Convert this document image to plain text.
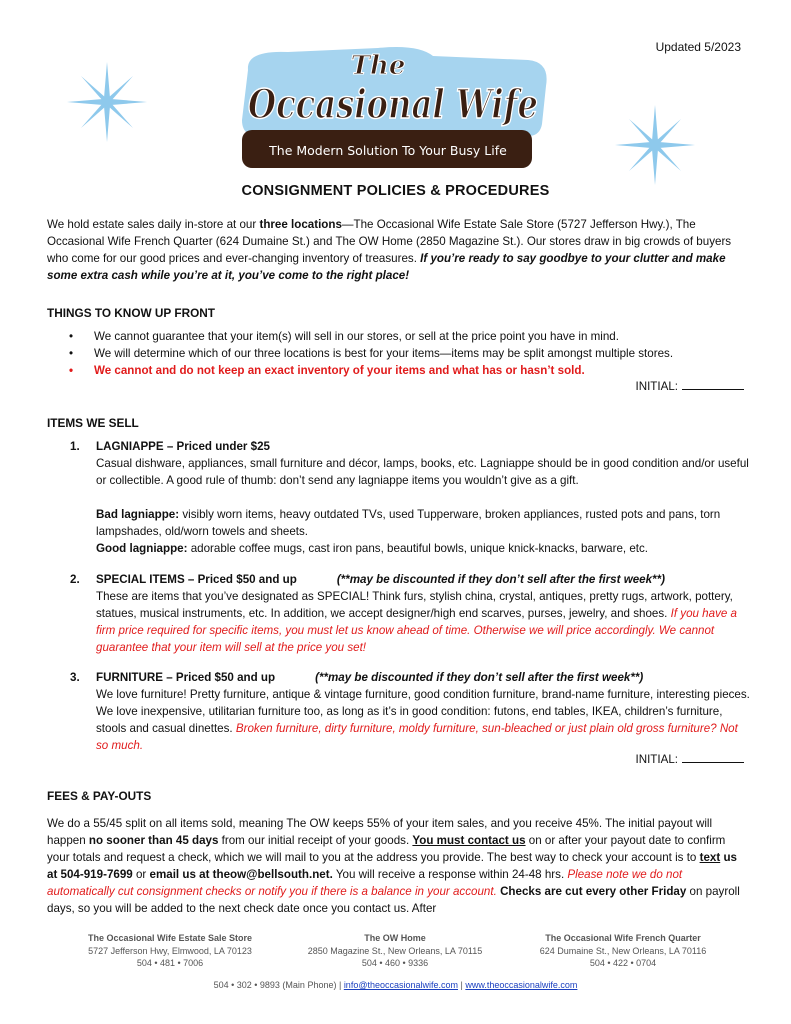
Updated 5/2023
The
Occasional Wife
The Modern Solution To Your Busy Life
CONSIGNMENT POLICIES & PROCEDURES
We hold estate sales daily in-store at our three locations—The Occasional Wife Estate Sale Store (5727 Jefferson Hwy.), The Occasional Wife French Quarter (624 Dumaine St.) and The OW Home (2850 Magazine St.). Our stores draw in big crowds of buyers who come for our good prices and ever-changing inventory of treasures. If you’re ready to say goodbye to your clutter and make some extra cash while you’re at it, you’ve come to the right place!
THINGS TO KNOW UP FRONT
• We cannot guarantee that your item(s) will sell in our stores, or sell at the price point you have in mind.
• We will determine which of our three locations is best for your items—items may be split amongst multiple stores.
• We cannot and do not keep an exact inventory of your items and what has or hasn’t sold.
INITIAL:
ITEMS WE SELL
1. LAGNIAPPE – Priced under $25
Casual dishware, appliances, small furniture and décor, lamps, books, etc. Lagniappe should be in good condition and/or useful or collectible. A good rule of thumb: don’t send any lagniappe items you wouldn’t give as a gift.
Bad lagniappe: visibly worn items, heavy outdated TVs, used Tupperware, broken appliances, rusted pots and pans, torn lampshades, old/worn towels and sheets.
Good lagniappe: adorable coffee mugs, cast iron pans, beautiful bowls, unique knick-knacks, barware, etc.
2. SPECIAL ITEMS – Priced $50 and up	(**may be discounted if they don’t sell after the first week**)
These are items that you’ve designated as SPECIAL! Think furs, stylish china, crystal, antiques, pretty rugs, artwork, pottery, statues, musical instruments, etc. In addition, we accept designer/high end scarves, purses, jewelry, and shoes. If you have a firm price required for specific items, you must let us know ahead of time. Otherwise we will price accordingly. We cannot guarantee that your item will sell at the price you set!
3. FURNITURE – Priced $50 and up	(**may be discounted if they don’t sell after the first week**)
We love furniture! Pretty furniture, antique & vintage furniture, good condition furniture, brand-name furniture, interesting pieces. We love inexpensive, utilitarian furniture too, as long as it’s in good condition: futons, end tables, IKEA, children’s furniture, stools and casual dinettes. Broken furniture, dirty furniture, moldy furniture, sun-bleached or just plain old gross furniture? Not so much.
INITIAL:
FEES & PAY-OUTS
We do a 55/45 split on all items sold, meaning The OW keeps 55% of your item sales, and you receive 45%. The initial payout will happen no sooner than 45 days from our initial receipt of your goods. You must contact us on or after your payout date to confirm your totals and request a check, which we will mail to you at the address you provide. The best way to check your account is to text us at 504-919-7699 or email us at theow@bellsouth.net. You will receive a response within 24-48 hrs. Please note we do not automatically cut consignment checks or notify you if there is a balance in your account. Checks are cut every other Friday on payroll days, so you will be added to the next check date once you contact us. After
The Occasional Wife Estate Sale Store
5727 Jefferson Hwy, Elmwood, LA 70123
504 • 481 • 7006
The OW Home
2850 Magazine St., New Orleans, LA 70115
504 • 460 • 9336
The Occasional Wife French Quarter
624 Dumaine St., New Orleans, LA 70116
504 • 422 • 0704
504 • 302 • 9893 (Main Phone) | info@theoccasionalwife.com | www.theoccasionalwife.com
